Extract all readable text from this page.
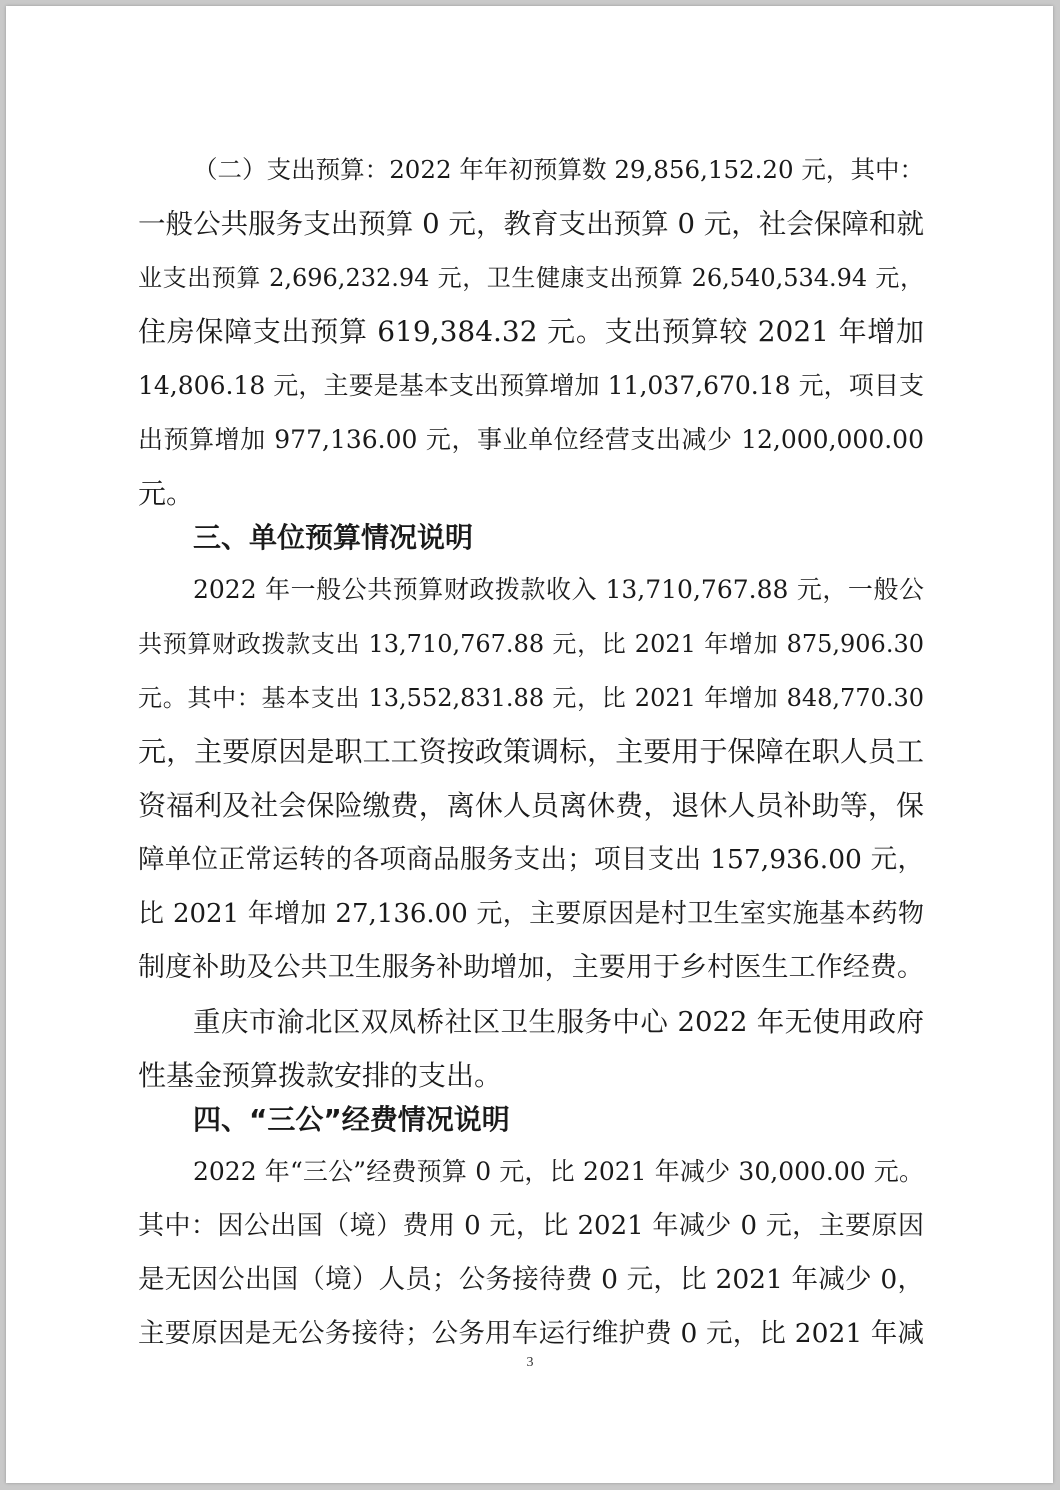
（二）支出预算：2022 年年初预算数 29,856,152.20 元，其中：
一般公共服务支出预算 0 元，教育支出预算 0 元，社会保障和就
业支出预算 2,696,232.94 元，卫生健康支出预算 26,540,534.94 元，
住房保障支出预算 619,384.32 元。支出预算较 2021 年增加
14,806.18 元，主要是基本支出预算增加 11,037,670.18 元，项目支
出预算增加 977,136.00 元，事业单位经营支出减少 12,000,000.00
元。
三、单位预算情况说明
2022 年一般公共预算财政拨款收入 13,710,767.88 元，一般公
共预算财政拨款支出 13,710,767.88 元，比 2021 年增加 875,906.30
元。其中：基本支出 13,552,831.88 元，比 2021 年增加 848,770.30
元，主要原因是职工工资按政策调标，主要用于保障在职人员工
资福利及社会保险缴费，离休人员离休费，退休人员补助等，保
障单位正常运转的各项商品服务支出；项目支出 157,936.00 元，
比 2021 年增加 27,136.00 元，主要原因是村卫生室实施基本药物
制度补助及公共卫生服务补助增加，主要用于乡村医生工作经费。
重庆市渝北区双凤桥社区卫生服务中心 2022 年无使用政府
性基金预算拨款安排的支出。
四、“三公”经费情况说明
2022 年“三公”经费预算 0 元，比 2021 年减少 30,000.00 元。
其中：因公出国（境）费用 0 元，比 2021 年减少 0 元，主要原因
是无因公出国（境）人员；公务接待费 0 元，比 2021 年减少 0，
主要原因是无公务接待；公务用车运行维护费 0 元，比 2021 年减
3
